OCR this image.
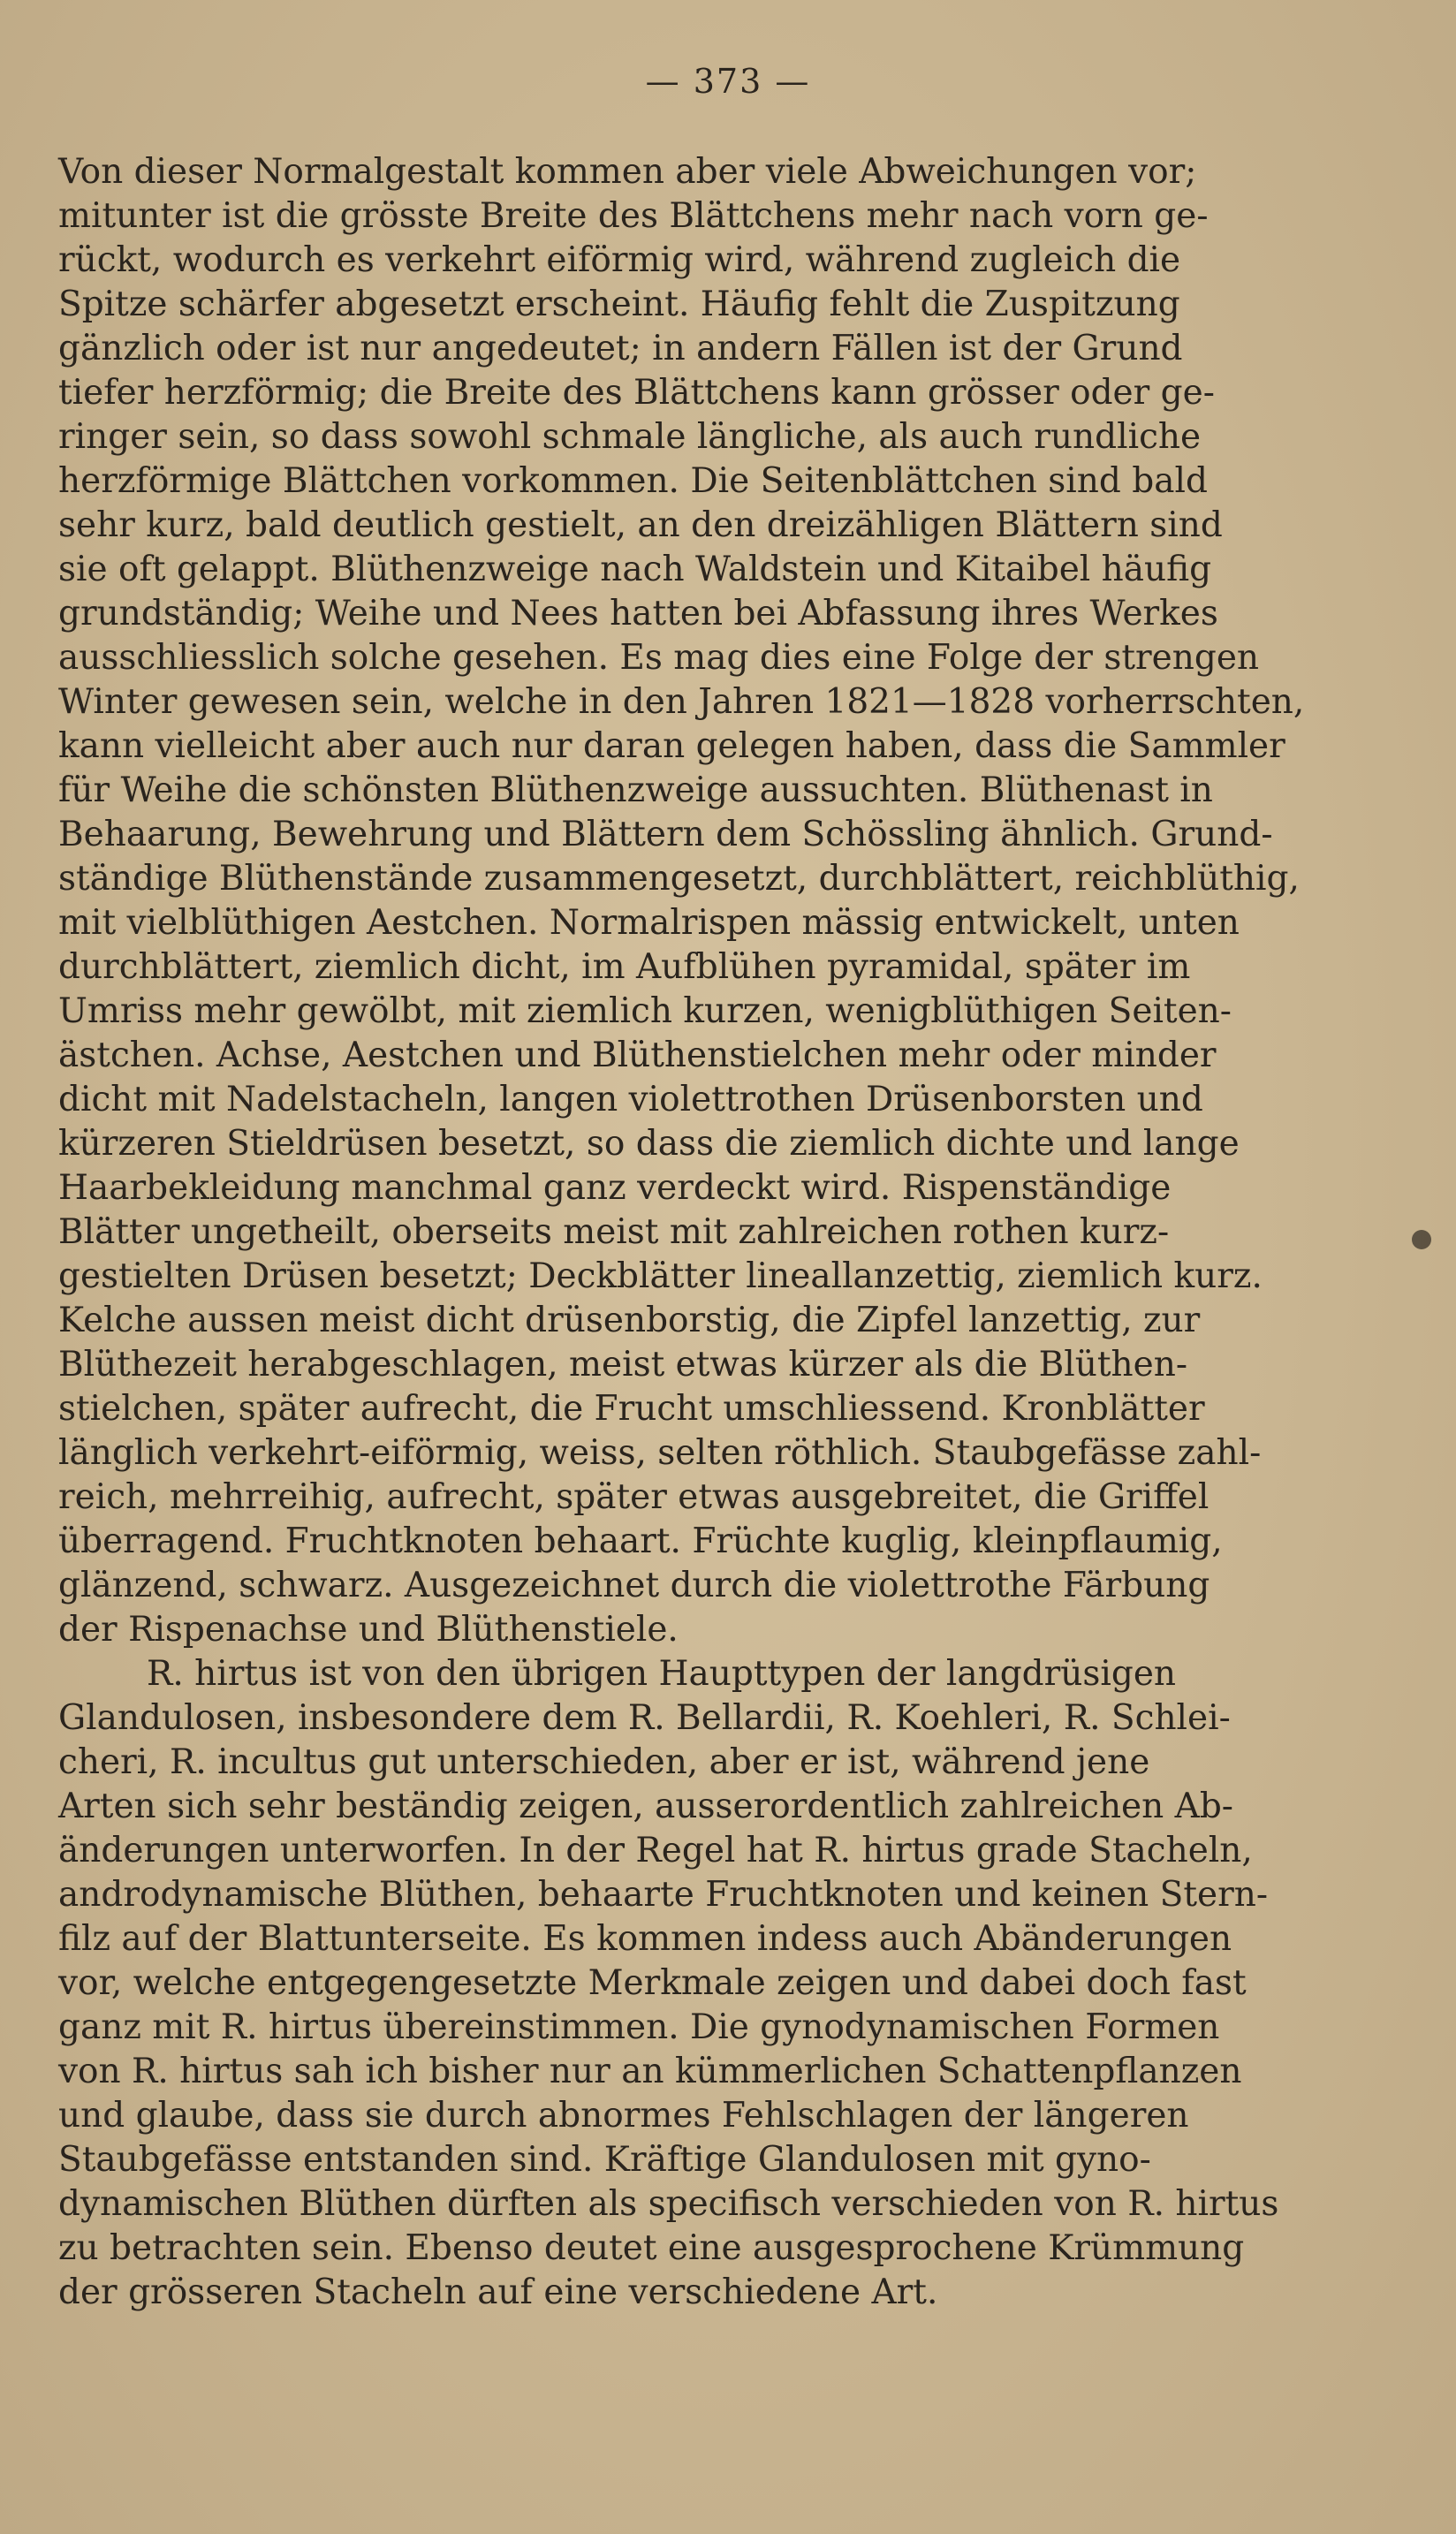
— 373 —
Von dieser Normalgestalt kommen aber viele Abweichungen vor;
mitunter ist die grösste Breite des Blättchens mehr nach vorn ge-
rückt, wodurch es verkehrt eiförmig wird, während zugleich die
Spitze schärfer abgesetzt erscheint. Häufig fehlt die Zuspitzung
gänzlich oder ist nur angedeutet; in andern Fällen ist der Grund
tiefer herzförmig; die Breite des Blättchens kann grösser oder ge-
ringer sein, so dass sowohl schmale längliche, als auch rundliche
herzförmige Blättchen vorkommen. Die Seitenblättchen sind bald
sehr kurz, bald deutlich gestielt, an den dreizähligen Blättern sind
sie oft gelappt. Blüthenzweige nach Waldstein und Kitaibel häufig
grundständig; Weihe und Nees hatten bei Abfassung ihres Werkes
ausschliesslich solche gesehen. Es mag dies eine Folge der strengen
Winter gewesen sein, welche in den Jahren 1821—1828 vorherrschten,
kann vielleicht aber auch nur daran gelegen haben, dass die Sammler
für Weihe die schönsten Blüthenzweige aussuchten. Blüthenast in
Behaarung, Bewehrung und Blättern dem Schössling ähnlich. Grund-
ständige Blüthenstände zusammengesetzt, durchblättert, reichblüthig,
mit vielblüthigen Aestchen. Normalrispen mässig entwickelt, unten
durchblättert, ziemlich dicht, im Aufblühen pyramidal, später im
Umriss mehr gewölbt, mit ziemlich kurzen, wenigblüthigen Seiten-
ästchen. Achse, Aestchen und Blüthenstielchen mehr oder minder
dicht mit Nadelstacheln, langen violettrothen Drüsenborsten und
kürzeren Stieldrüsen besetzt, so dass die ziemlich dichte und lange
Haarbekleidung manchmal ganz verdeckt wird. Rispenständige
Blätter ungetheilt, oberseits meist mit zahlreichen rothen kurz-
gestielten Drüsen besetzt; Deckblätter lineallanzettig, ziemlich kurz.
Kelche aussen meist dicht drüsenborstig, die Zipfel lanzettig, zur
Blüthezeit herabgeschlagen, meist etwas kürzer als die Blüthen-
stielchen, später aufrecht, die Frucht umschliessend. Kronblätter
länglich verkehrt-eiförmig, weiss, selten röthlich. Staubgefässe zahl-
reich, mehrreihig, aufrecht, später etwas ausgebreitet, die Griffel
überragend. Fruchtknoten behaart. Früchte kuglig, kleinpflaumig,
glänzend, schwarz. Ausgezeichnet durch die violettrothe Färbung
der Rispenachse und Blüthenstiele.
R. hirtus ist von den übrigen Haupttypen der langdrüsigen
Glandulosen, insbesondere dem R. Bellardii, R. Koehleri, R. Schlei-
cheri, R. incultus gut unterschieden, aber er ist, während jene
Arten sich sehr beständig zeigen, ausserordentlich zahlreichen Ab-
änderungen unterworfen. In der Regel hat R. hirtus grade Stacheln,
androdynamische Blüthen, behaarte Fruchtknoten und keinen Stern-
filz auf der Blattunterseite. Es kommen indess auch Abänderungen
vor, welche entgegengesetzte Merkmale zeigen und dabei doch fast
ganz mit R. hirtus übereinstimmen. Die gynodynamischen Formen
von R. hirtus sah ich bisher nur an kümmerlichen Schattenpflanzen
und glaube, dass sie durch abnormes Fehlschlagen der längeren
Staubgefässe entstanden sind. Kräftige Glandulosen mit gyno-
dynamischen Blüthen dürften als specifisch verschieden von R. hirtus
zu betrachten sein. Ebenso deutet eine ausgesprochene Krümmung
der grösseren Stacheln auf eine verschiedene Art.
